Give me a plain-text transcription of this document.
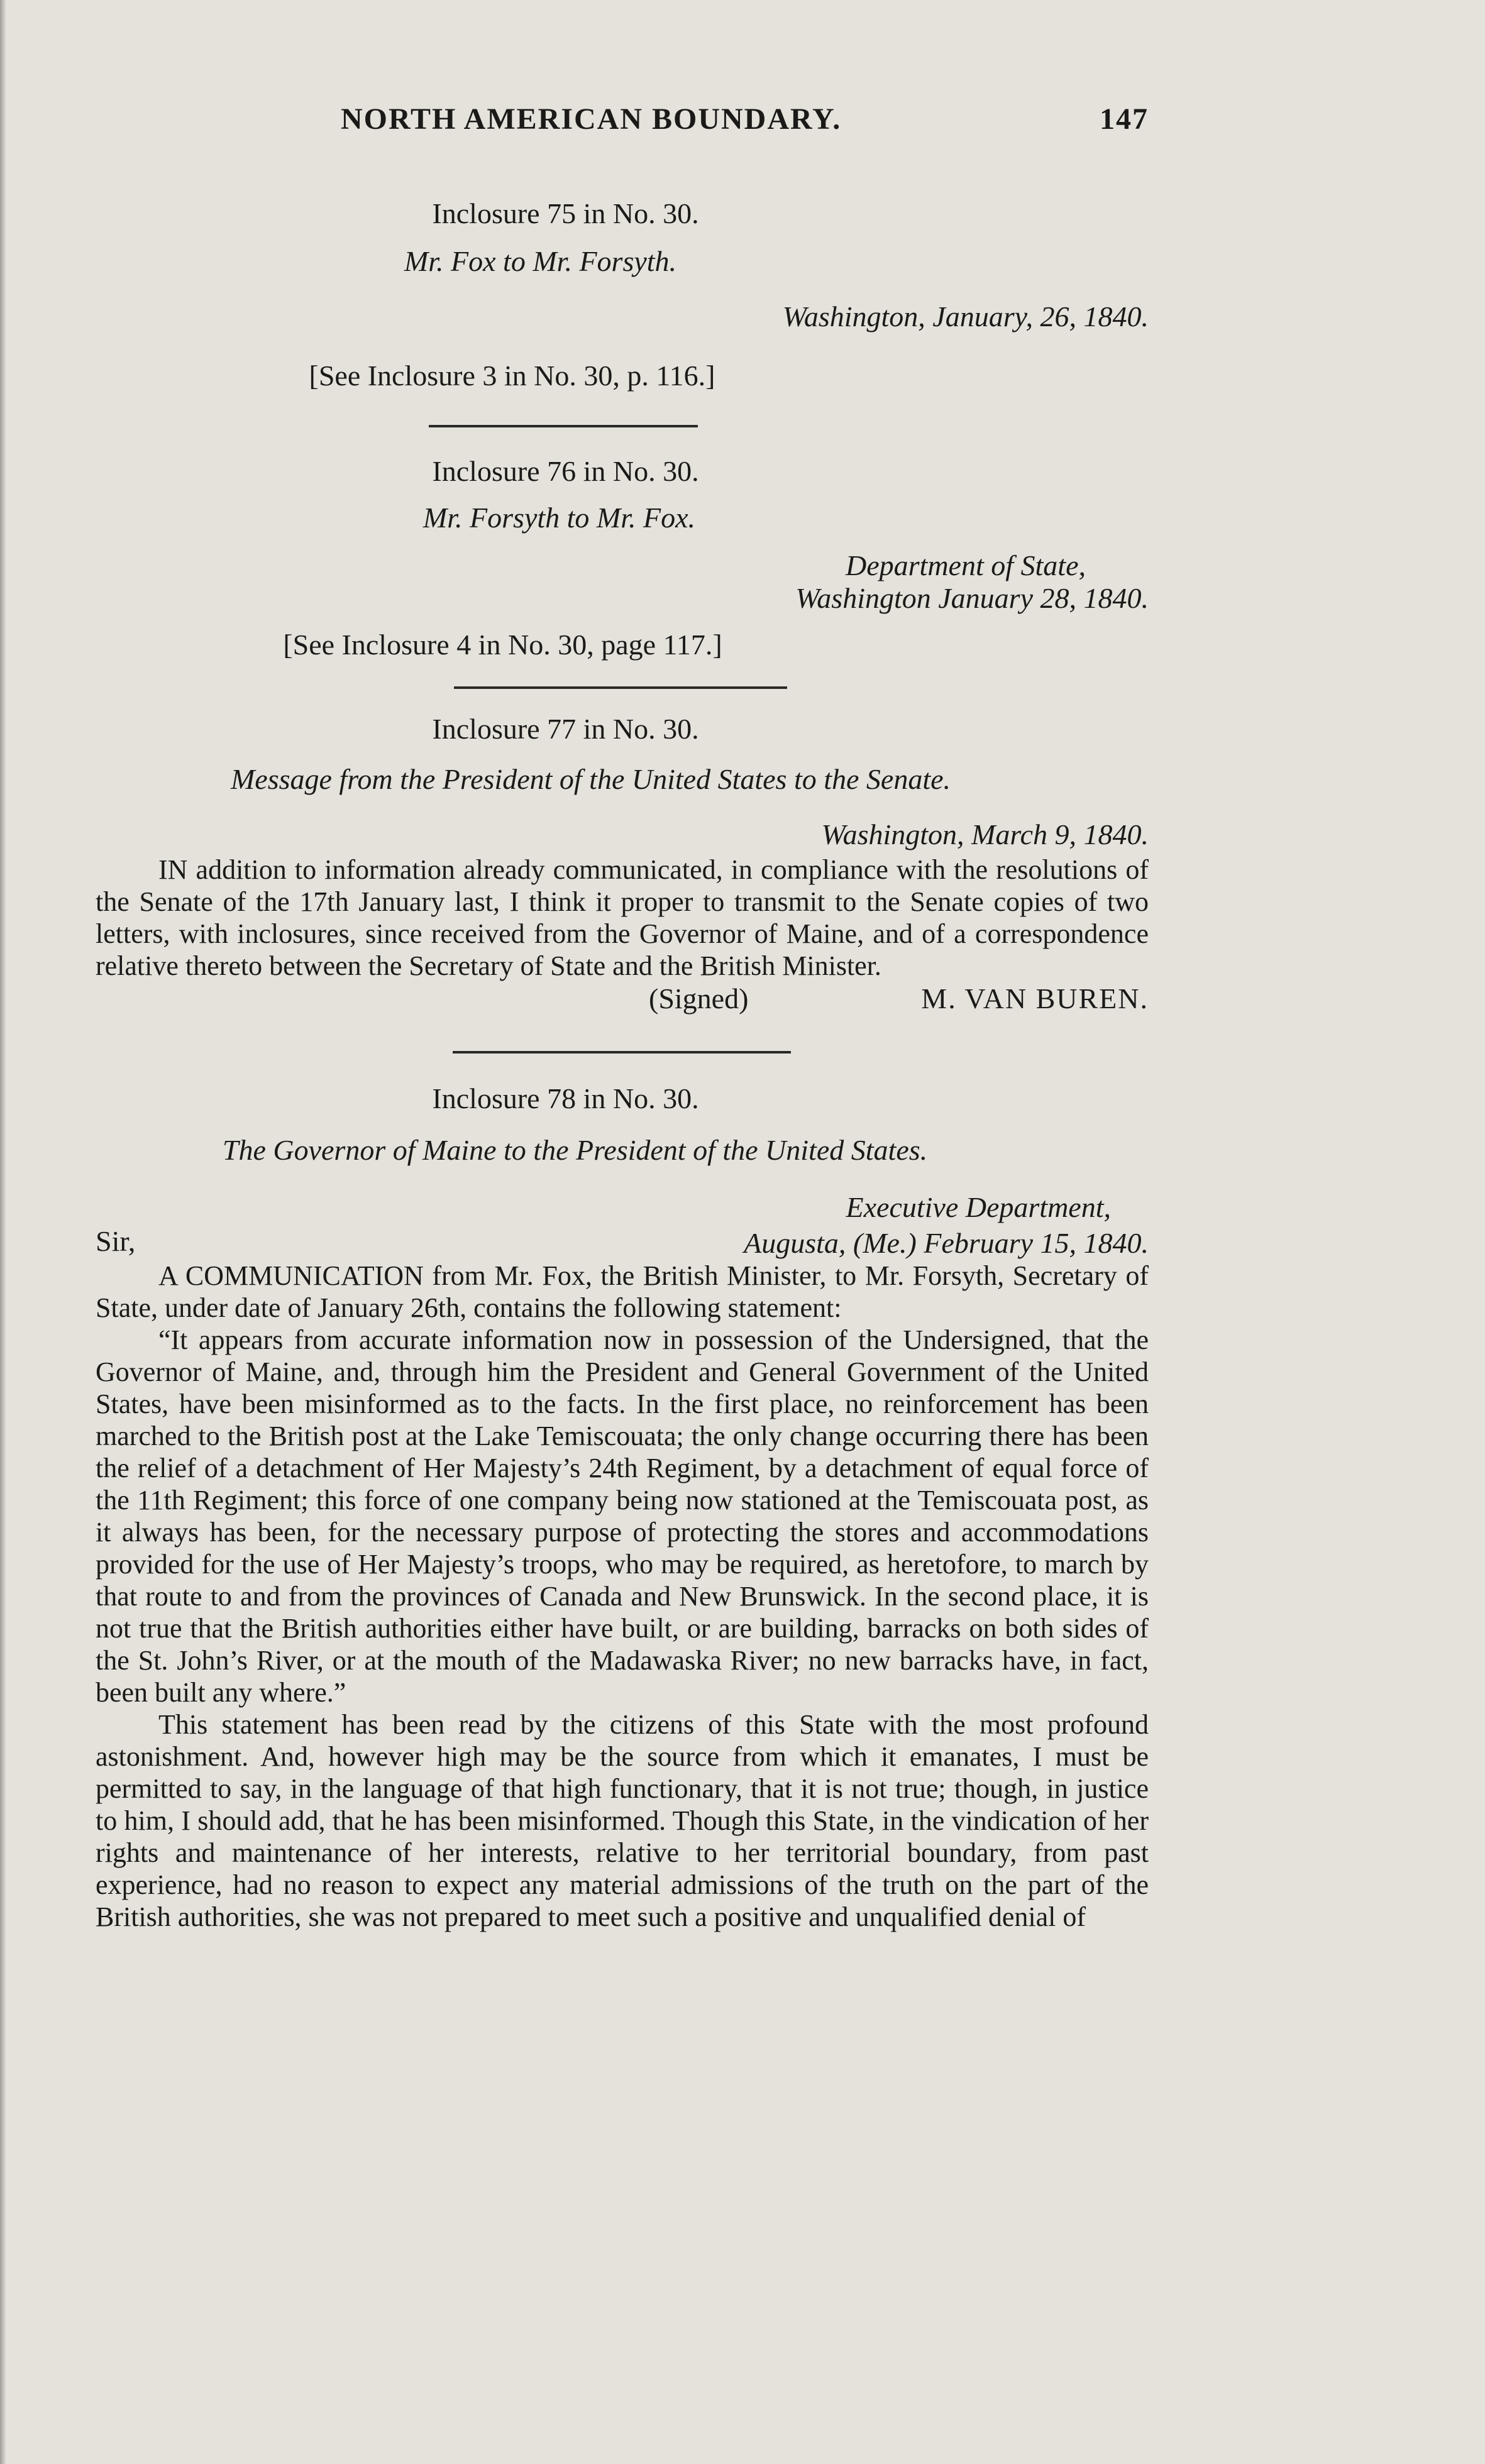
NORTH AMERICAN BOUNDARY.	147

Inclosure 75 in No. 30.

Mr. Fox to Mr. Forsyth.

Washington, January, 26, 1840.

[See Inclosure 3 in No. 30, p. 116.]

Inclosure 76 in No. 30.

Mr. Forsyth to Mr. Fox.

Department of State,

Washington January 28, 1840.

[See Inclosure 4 in No. 30, page 117.]

Inclosure 77 in No. 30.

Message from the President of the United States to the Senate.

Washington, March 9, 1840.

IN addition to information already communicated, in compliance with the resolutions of the Senate of the 17th January last, I think it proper to transmit to the Senate copies of two letters, with inclosures, since received from the Governor of Maine, and of a correspondence relative thereto between the Secretary of State and the British Minister.

(Signed)	M. VAN BUREN.

Inclosure 78 in No. 30.

The Governor of Maine to the President of the United States.

Executive Department,

Sir,	Augusta, (Me.) February 15, 1840.

A COMMUNICATION from Mr. Fox, the British Minister, to Mr. Forsyth, Secretary of State, under date of January 26th, contains the following statement:

“It appears from accurate information now in possession of the Undersigned, that the Governor of Maine, and, through him the President and General Government of the United States, have been misinformed as to the facts. In the first place, no reinforcement has been marched to the British post at the Lake Temiscouata; the only change occurring there has been the relief of a detachment of Her Majesty’s 24th Regiment, by a detachment of equal force of the 11th Regiment; this force of one company being now stationed at the Temiscouata post, as it always has been, for the necessary purpose of protecting the stores and accommodations provided for the use of Her Majesty’s troops, who may be required, as heretofore, to march by that route to and from the provinces of Canada and New Brunswick. In the second place, it is not true that the British authorities either have built, or are building, barracks on both sides of the St. John’s River, or at the mouth of the Madawaska River; no new barracks have, in fact, been built any where.”

This statement has been read by the citizens of this State with the most profound astonishment. And, however high may be the source from which it emanates, I must be permitted to say, in the language of that high functionary, that it is not true; though, in justice to him, I should add, that he has been misinformed. Though this State, in the vindication of her rights and maintenance of her interests, relative to her territorial boundary, from past experience, had no reason to expect any material admissions of the truth on the part of the British authorities, she was not prepared to meet such a positive and unqualified denial of
